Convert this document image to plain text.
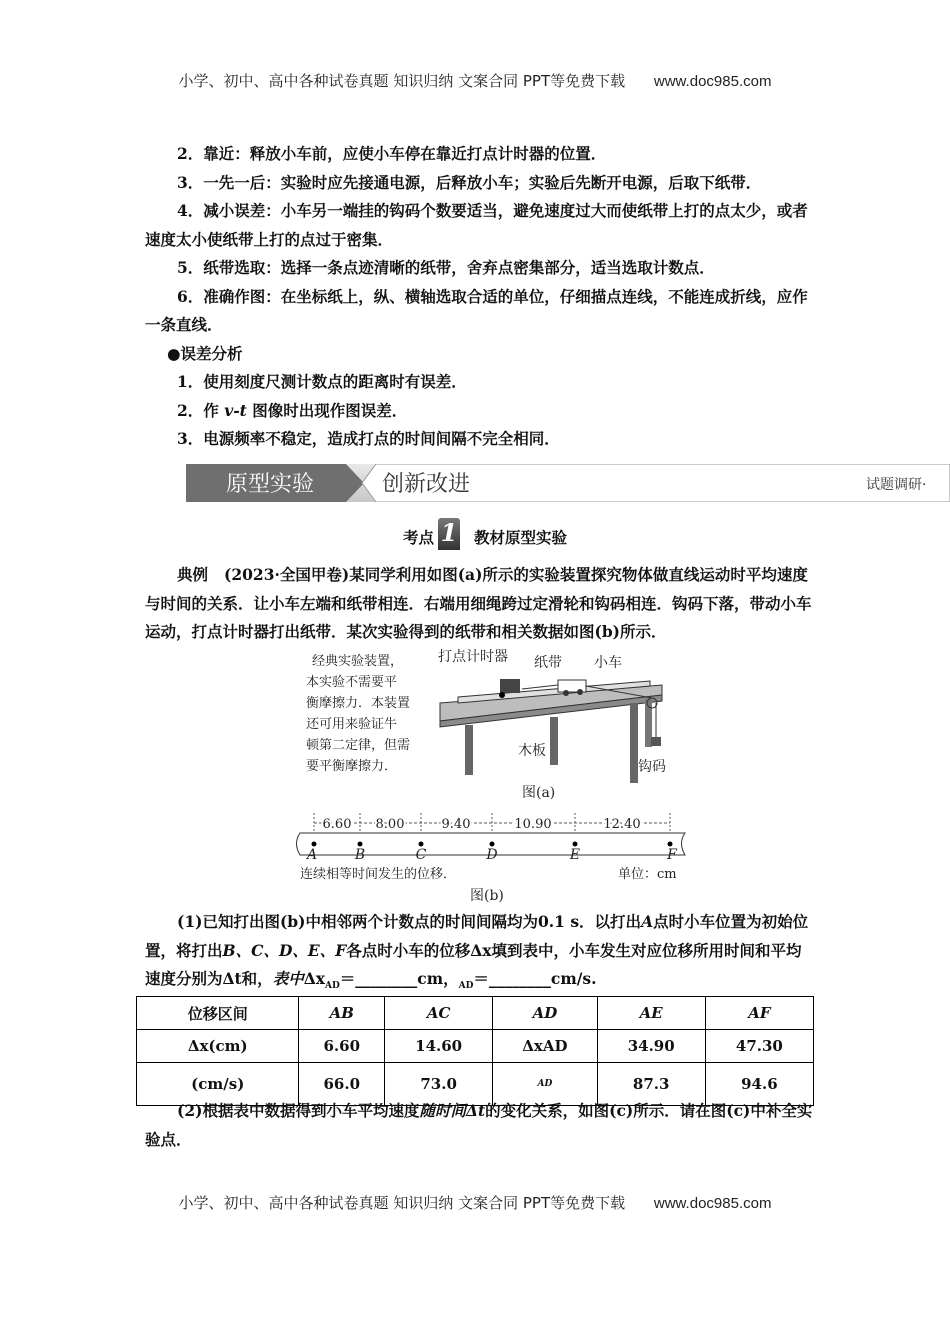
小学、初中、高中各种试卷真题 知识归纳 文案合同 PPT等免费下载 www.doc985.com

2．靠近：释放小车前，应使小车停在靠近打点计时器的位置．

3．一先一后：实验时应先接通电源，后释放小车；实验后先断开电源，后取下纸带．

4．减小误差：小车另一端挂的钩码个数要适当，避免速度过大而使纸带上打的点太少，或者速度太小使纸带上打的点过于密集．

5．纸带选取：选择一条点迹清晰的纸带，舍弃点密集部分，适当选取计数点．

6．准确作图：在坐标纸上，纵、横轴选取合适的单位，仔细描点连线，不能连成折线，应作一条直线．

●误差分析

1．使用刻度尺测计数点的距离时有误差．

2．作 v-t 图像时出现作图误差．

3．电源频率不稳定，造成打点的时间间隔不完全相同．

原型实验	创新改进	试题调研·
考点 1 教材原型实验

典例 (2023·全国甲卷)某同学利用如图(a)所示的实验装置探究物体做直线运动时平均速度与时间的关系．让小车左端和纸带相连．右端用细绳跨过定滑轮和钩码相连．钩码下落，带动小车运动，打点计时器打出纸带．某次实验得到的纸带和相关数据如图(b)所示．

经典实验装置，
本实验不需要平
衡摩擦力．本装置
还可用来验证牛
顿第二定律，但需
要平衡摩擦力．
打点计时器 纸带 小车
木板
钩码
图(a)
6.60 8.00	9.40	10.90	12.40
A	B	C	D	E	F
连续相等时间发生的位移．	单位：cm
图(b)

(1)已知打出图(b)中相邻两个计数点的时间间隔均为0.1 s．以打出A点时小车位置为初始位置，将打出B、C、D、E、F各点时小车的位移Δx填到表中，小车发生对应位移所用时间和平均速度分别为Δt和，表中$\Delta x_{AD}=\_\_\_\_\_\_\_\_cm$，$_{AD}$＝________cm/s.

位移区间	AB	AC	AD	AE	AF
Δx(cm)	6.60	14.60	ΔxAD	34.90	47.30
(cm/s)	66.0	73.0	AD	87.3	94.6

(2)根据表中数据得到小车平均速度随时间Δt的变化关系，如图(c)所示．请在图(c)中补全实验点．

小学、初中、高中各种试卷真题 知识归纳 文案合同 PPT等免费下载 www.doc985.com
